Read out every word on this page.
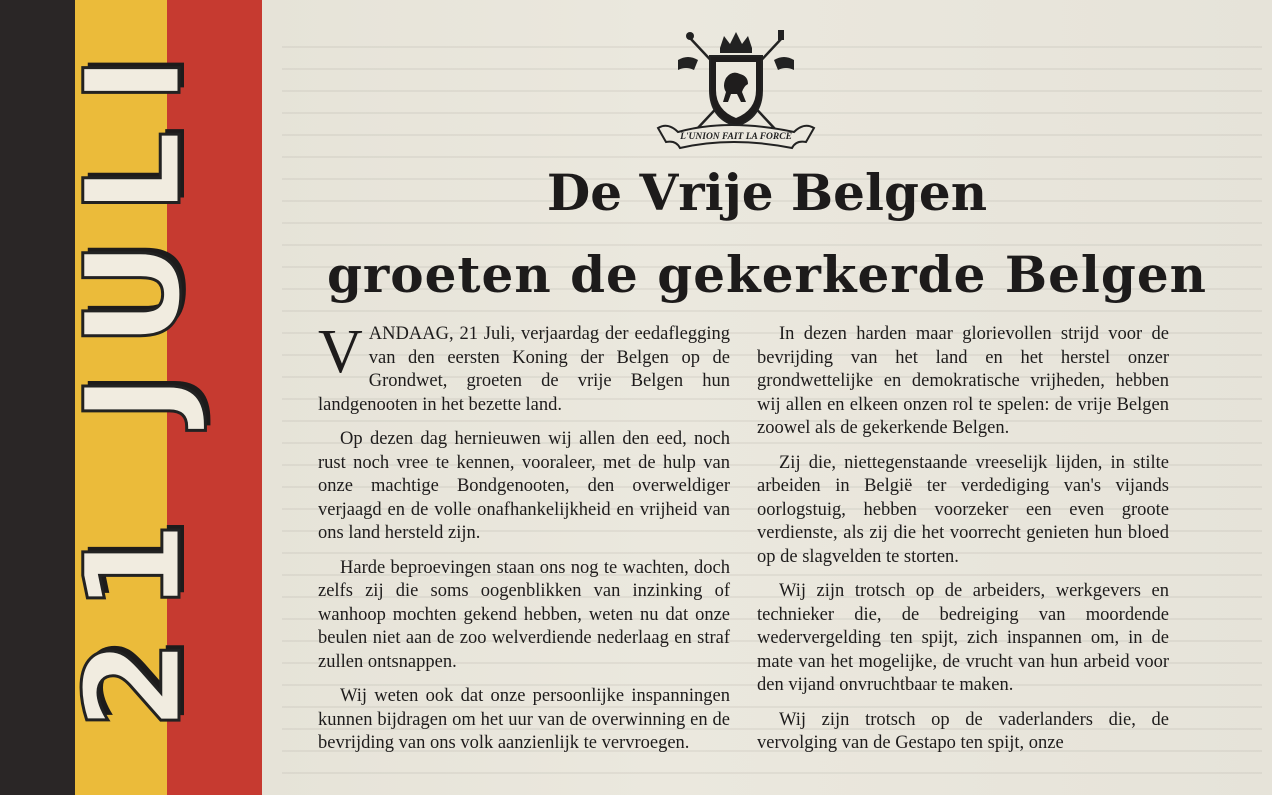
21 JULI	L'UNION FAIT LA FORCE
De Vrije Belgen
groeten de gekerkerde Belgen

VANDAAG, 21 Juli, verjaardag der eedaflegging van den eersten Koning der Belgen op de Grondwet, groeten de vrije Belgen hun landgenooten in het bezette land.

Op dezen dag hernieuwen wij allen den eed, noch rust noch vree te kennen, vooraleer, met de hulp van onze machtige Bondgenooten, den overweldiger verjaagd en de volle onafhankelijkheid en vrijheid van ons land hersteld zijn.

Harde beproevingen staan ons nog te wachten, doch zelfs zij die soms oogenblikken van inzinking of wanhoop mochten gekend hebben, weten nu dat onze beulen niet aan de zoo welverdiende nederlaag en straf zullen ontsnappen.

Wij weten ook dat onze persoonlijke inspanningen kunnen bijdragen om het uur van de overwinning en de bevrijding van ons volk aanzienlijk te vervroegen.

In dezen harden maar glorievollen strijd voor de bevrijding van het land en het herstel onzer grondwettelijke en demokratische vrijheden, hebben wij allen en elkeen onzen rol te spelen: de vrije Belgen zoowel als de gekerkende Belgen.

Zij die, niettegenstaande vreeselijk lijden, in stilte arbeiden in België ter verdediging van's vijands oorlogstuig, hebben voorzeker een even groote verdienste, als zij die het voorrecht genieten hun bloed op de slagvelden te storten.

Wij zijn trotsch op de arbeiders, werkgevers en technieker die, de bedreiging van moordende wedervergelding ten spijt, zich inspannen om, in de mate van het mogelijke, de vrucht van hun arbeid voor den vijand onvruchtbaar te maken.

Wij zijn trotsch op de vaderlanders die, de vervolging van de Gestapo ten spijt, onze
